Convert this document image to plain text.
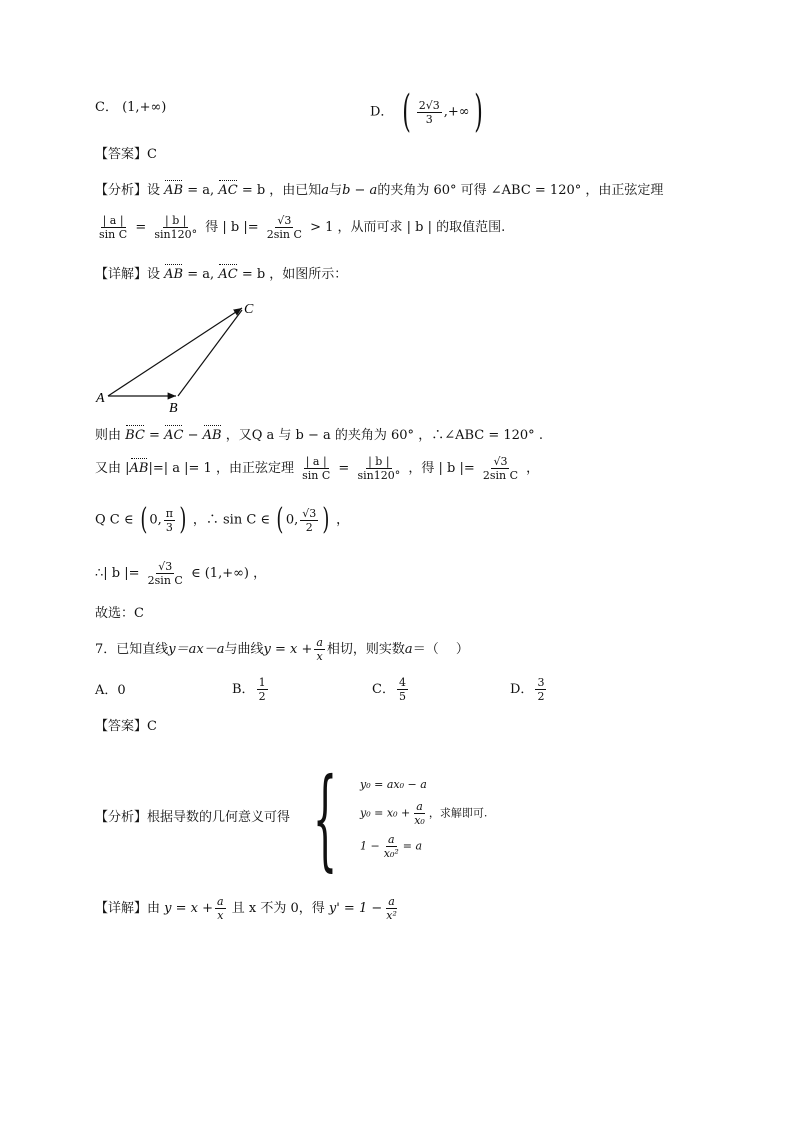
C． (1,+∞)	D． ( $\frac{2√3}{3}$ ,+∞)
【答案】C
【分析】设 AB = a, AC = b ，由已知a与b − a的夹角为 60° 可得 ∠ABC = 120° ，由正弦定理
$\frac{| a |}{\text{sin C}} = \frac{| b |}{\sin 120^\circ}$ 得 | b |= $\frac{√3}{\text{2sin C}} > 1$ ，从而可求 | b | 的取值范围.
【详解】设 AB = a, AC = b ，如图所示：
A
B
C
则由 BC = AC − AB ，又Q a 与 b − a 的夹角为 60° ，∴∠ABC = 120° .
又由 |AB|=| a |= 1 ，由正弦定理 $\frac{| a |}{\text{sin C}} = \frac{| b |}{\sin 120^\circ}$ ，得 | b |= $\frac{√3}{\text{2sin C}}$ ，
Q C ∈ ( 0, $\frac{\pi}{3}$ ) ，∴ sin C ∈ ( 0, $\frac{√3}{2}$ ) ，
∴| b |= $\frac{√3}{\text{2sin C}}$ ∈ (1,+∞) ，
故选：C
7．已知直线y＝ax－a与曲线$y = x + \frac{a}{x}$ 相切，则实数a＝（　 ）
A．0	B． $\frac{1}{2}$	C． $\frac{4}{5}$	D． $\frac{3}{2}$
【答案】C
【分析】 根据导数的几何意义可得 { y₀ = ax₀ − a
$y_0 = x_0 + \frac{a}{\text{x₀}}$ ，求解即可.
$1 - \frac{a}{\text{x₀²}} = a$
【详解】由 $y = x + \frac{a}{x}$ 且 x 不为 0，得 $y' = 1 - \frac{a}{\text{x²}}$
